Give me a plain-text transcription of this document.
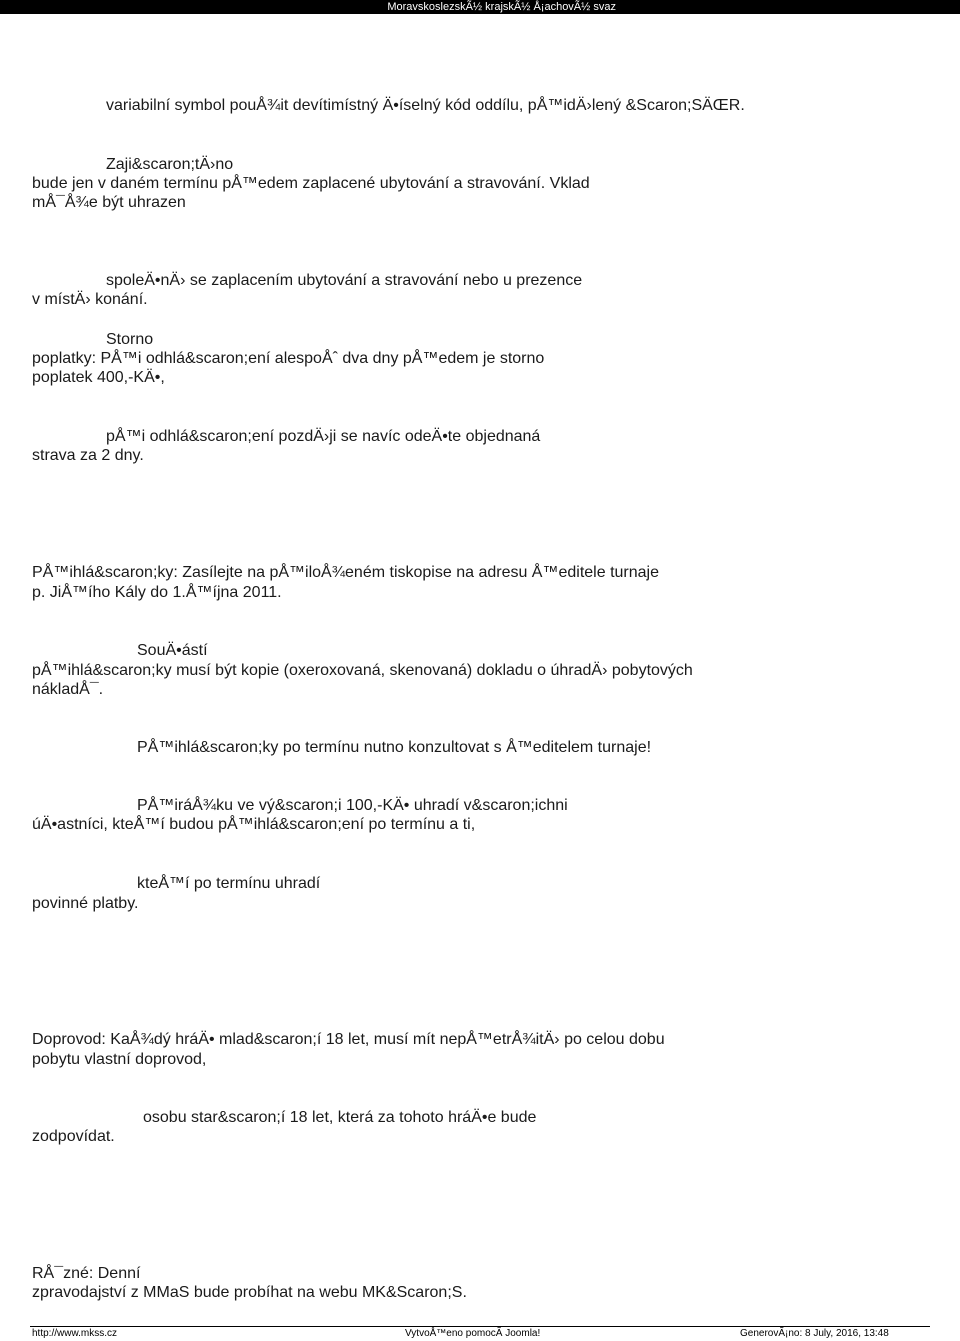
MoravskoslezskÃ½ krajskÃ½ Å¡achovÃ½ svaz
variabilní symbol pouÅ¾it devítimístný Ä•íselný kód oddílu, pÅ™idÄ›lený &Scaron;SÄŒR.
Zaji&scaron;tÄ›no
bude jen v daném termínu pÅ™edem zaplacené ubytování a stravování. Vklad
mÅ¯Å¾e být uhrazen
spoleÄ•nÄ› se zaplacením ubytování a stravování nebo u prezence
v místÄ› konání.
Storno
poplatky: PÅ™i odhlá&scaron;ení alespoÅˆ dva dny pÅ™edem je storno
poplatek 400,-KÄ•,
pÅ™i odhlá&scaron;ení pozdÄ›ji se navíc odeÄ•te objednaná
strava za 2 dny.
PÅ™ihlá&scaron;ky: Zasílejte na pÅ™iloÅ¾eném tiskopise na adresu Å™editele turnaje
p. JiÅ™ího Kály do 1.Å™íjna 2011.
SouÄ•ástí
pÅ™ihlá&scaron;ky musí být kopie (oxeroxovaná, skenovaná) dokladu o úhradÄ› pobytových
nákladÅ¯.
PÅ™ihlá&scaron;ky po termínu nutno konzultovat s Å™editelem turnaje!
PÅ™iráÅ¾ku ve vý&scaron;i 100,-KÄ• uhradí v&scaron;ichni
úÄ•astníci, kteÅ™í budou pÅ™ihlá&scaron;ení po termínu a ti,
kteÅ™í po termínu uhradí
povinné platby.
Doprovod: KaÅ¾dý hráÄ• mlad&scaron;í 18 let, musí mít nepÅ™etrÅ¾itÄ› po celou dobu
pobytu vlastní doprovod,
osobu star&scaron;í 18 let, která za tohoto hráÄ•e bude
zodpovídat.
RÅ¯zné: Denní
zpravodajství z MMaS bude probíhat na webu MK&Scaron;S.
http://www.mkss.cz	VytvoÅ™eno pomocÃ Joomla!	GenerovÃ¡no: 8 July, 2016, 13:48
